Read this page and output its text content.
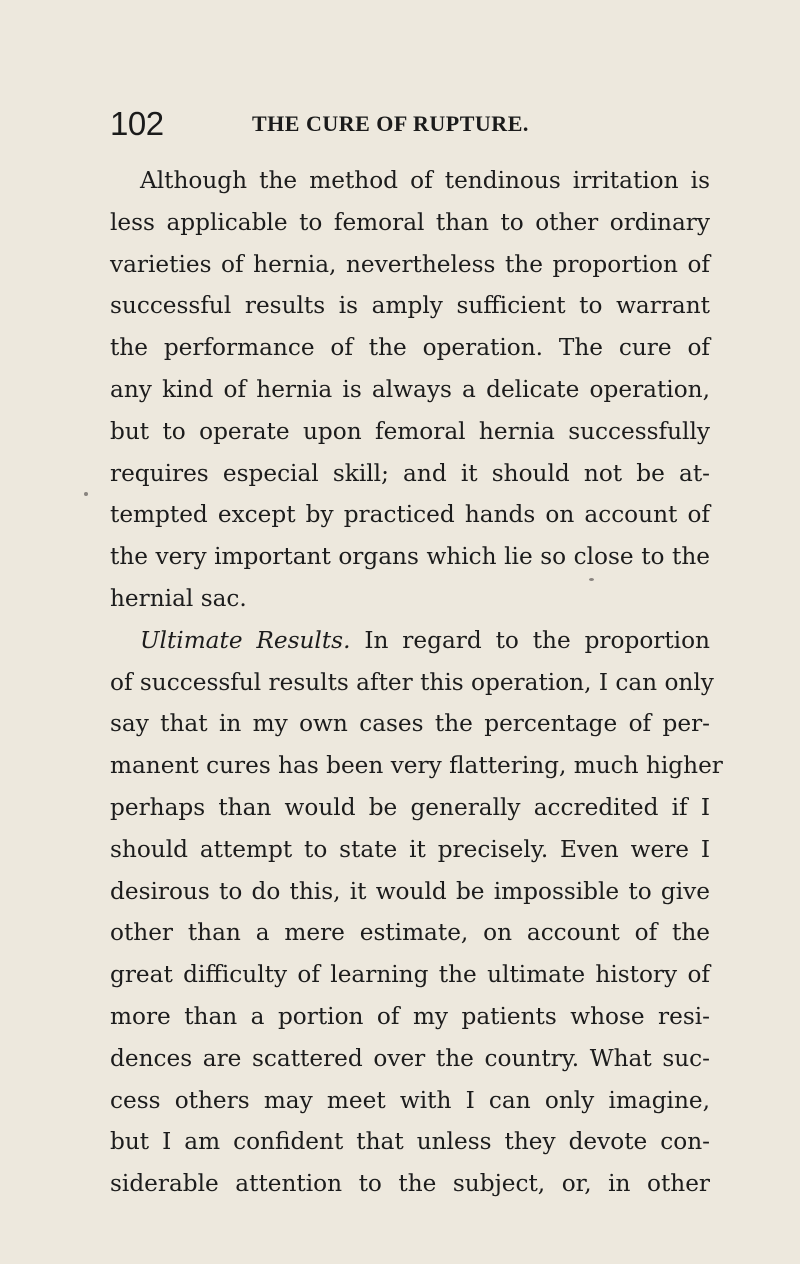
102	THE CURE OF RUPTURE.
Although the method of tendinous irritation is
less applicable to femoral than to other ordinary
varieties of hernia, nevertheless the proportion of
successful results is amply sufficient to warrant
the performance of the operation. The cure of
any kind of hernia is always a delicate operation,
but to operate upon femoral hernia successfully
requires especial skill; and it should not be at-
tempted except by practiced hands on account of
the very important organs which lie so close to the
hernial sac.
Ultimate Results. In regard to the proportion
of successful results after this operation, I can only
say that in my own cases the percentage of per-
manent cures has been very flattering, much higher
perhaps than would be generally accredited if I
should attempt to state it precisely. Even were I
desirous to do this, it would be impossible to give
other than a mere estimate, on account of the
great difficulty of learning the ultimate history of
more than a portion of my patients whose resi-
dences are scattered over the country. What suc-
cess others may meet with I can only imagine,
but I am confident that unless they devote con-
siderable attention to the subject, or, in other
